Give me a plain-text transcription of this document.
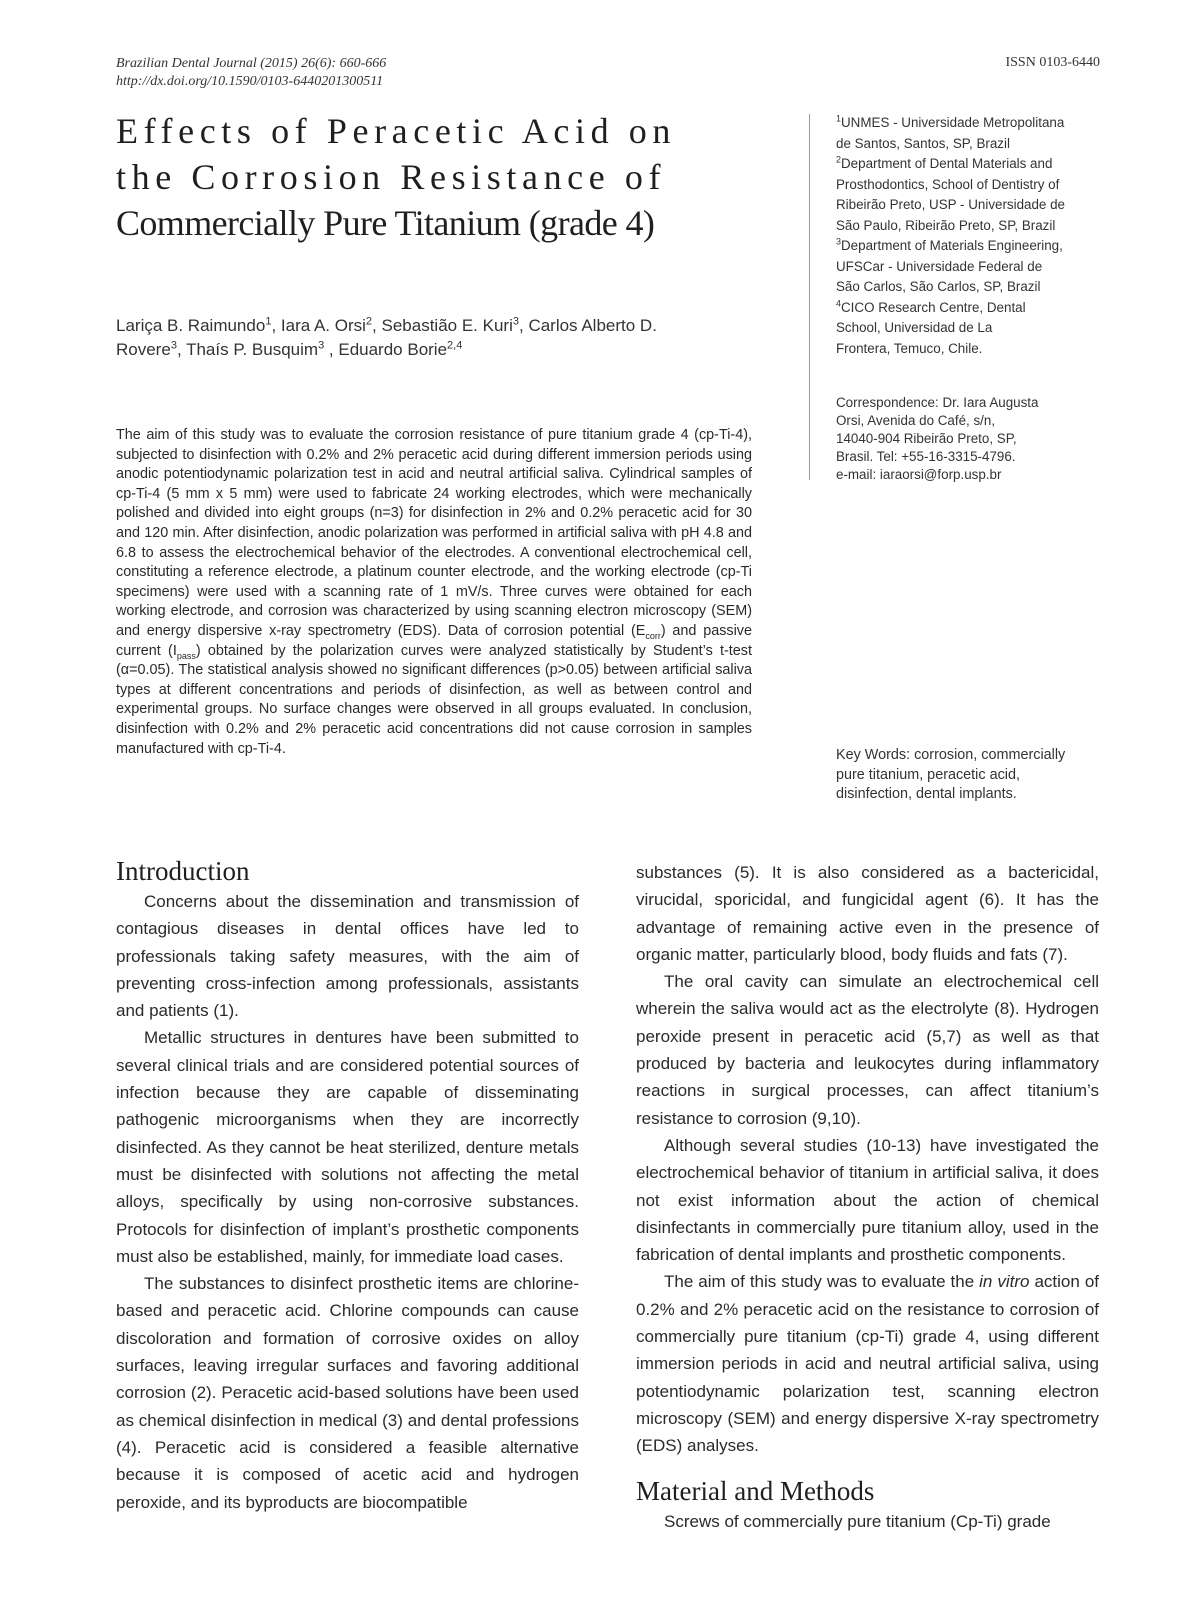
Brazilian Dental Journal (2015) 26(6): 660-666
http://dx.doi.org/10.1590/0103-6440201300511
ISSN 0103-6440
Effects of Peracetic Acid on
the Corrosion Resistance of
Commercially Pure Titanium (grade 4)
Lariça B. Raimundo$^1$, Iara A. Orsi$^2$, Sebastião E. Kuri$^3$, Carlos Alberto D. Rovere$^3$, Thaís P. Busquim$^3$ , Eduardo Borie$^{2,4}$
$^1$UNMES - Universidade Metropolitana
de Santos, Santos, SP, Brazil
$^2$Department of Dental Materials and
Prosthodontics, School of Dentistry of
Ribeirão Preto, USP - Universidade de
São Paulo, Ribeirão Preto, SP, Brazil
$^3$Department of Materials Engineering,
UFSCar - Universidade Federal de
São Carlos, São Carlos, SP, Brazil
$^4$CICO Research Centre, Dental
School, Universidad de La
Frontera, Temuco, Chile.
Correspondence: Dr. Iara Augusta
Orsi, Avenida do Café, s/n,
14040-904 Ribeirão Preto, SP,
Brasil. Tel: +55-16-3315-4796.
e-mail: iaraorsi@forp.usp.br
The aim of this study was to evaluate the corrosion resistance of pure titanium grade 4 (cp-Ti-4), subjected to disinfection with 0.2% and 2% peracetic acid during different immersion periods using anodic potentiodynamic polarization test in acid and neutral artificial saliva. Cylindrical samples of cp-Ti-4 (5 mm x 5 mm) were used to fabricate 24 working electrodes, which were mechanically polished and divided into eight groups (n=3) for disinfection in 2% and 0.2% peracetic acid for 30 and 120 min. After disinfection, anodic polarization was performed in artificial saliva with pH 4.8 and 6.8 to assess the electrochemical behavior of the electrodes. A conventional electrochemical cell, constituting a reference electrode, a platinum counter electrode, and the working electrode (cp-Ti specimens) were used with a scanning rate of 1 mV/s. Three curves were obtained for each working electrode, and corrosion was characterized by using scanning electron microscopy (SEM) and energy dispersive x-ray spectrometry (EDS). Data of corrosion potential $(E_{corr})$ and passive current $(I_{pass})$ obtained by the polarization curves were analyzed statistically by Student’s t-test (α=0.05). The statistical analysis showed no significant differences (p>0.05) between artificial saliva types at different concentrations and periods of disinfection, as well as between control and experimental groups. No surface changes were observed in all groups evaluated. In conclusion, disinfection with 0.2% and 2% peracetic acid concentrations did not cause corrosion in samples manufactured with cp-Ti-4.	Key Words: corrosion, commercially
pure titanium, peracetic acid,
disinfection, dental implants.
Introduction

Concerns about the dissemination and transmission of contagious diseases in dental offices have led to professionals taking safety measures, with the aim of preventing cross-infection among professionals, assistants and patients (1).

Metallic structures in dentures have been submitted to several clinical trials and are considered potential sources of infection because they are capable of disseminating pathogenic microorganisms when they are incorrectly disinfected. As they cannot be heat sterilized, denture metals must be disinfected with solutions not affecting the metal alloys, specifically by using non-corrosive substances. Protocols for disinfection of implant’s prosthetic components must also be established, mainly, for immediate load cases.

The substances to disinfect prosthetic items are chlorine-based and peracetic acid. Chlorine compounds can cause discoloration and formation of corrosive oxides on alloy surfaces, leaving irregular surfaces and favoring additional corrosion (2). Peracetic acid-based solutions have been used as chemical disinfection in medical (3) and dental professions (4). Peracetic acid is considered a feasible alternative because it is composed of acetic acid and hydrogen peroxide, and its byproducts are biocompatible

substances (5). It is also considered as a bactericidal, virucidal, sporicidal, and fungicidal agent (6). It has the advantage of remaining active even in the presence of organic matter, particularly blood, body fluids and fats (7).

The oral cavity can simulate an electrochemical cell wherein the saliva would act as the electrolyte (8). Hydrogen peroxide present in peracetic acid (5,7) as well as that produced by bacteria and leukocytes during inflammatory reactions in surgical processes, can affect titanium’s resistance to corrosion (9,10).

Although several studies (10-13) have investigated the electrochemical behavior of titanium in artificial saliva, it does not exist information about the action of chemical disinfectants in commercially pure titanium alloy, used in the fabrication of dental implants and prosthetic components.

The aim of this study was to evaluate the in vitro action of 0.2% and 2% peracetic acid on the resistance to corrosion of commercially pure titanium (cp-Ti) grade 4, using different immersion periods in acid and neutral artificial saliva, using potentiodynamic polarization test, scanning electron microscopy (SEM) and energy dispersive X-ray spectrometry (EDS) analyses.

Material and Methods

Screws of commercially pure titanium (Cp-Ti) grade
